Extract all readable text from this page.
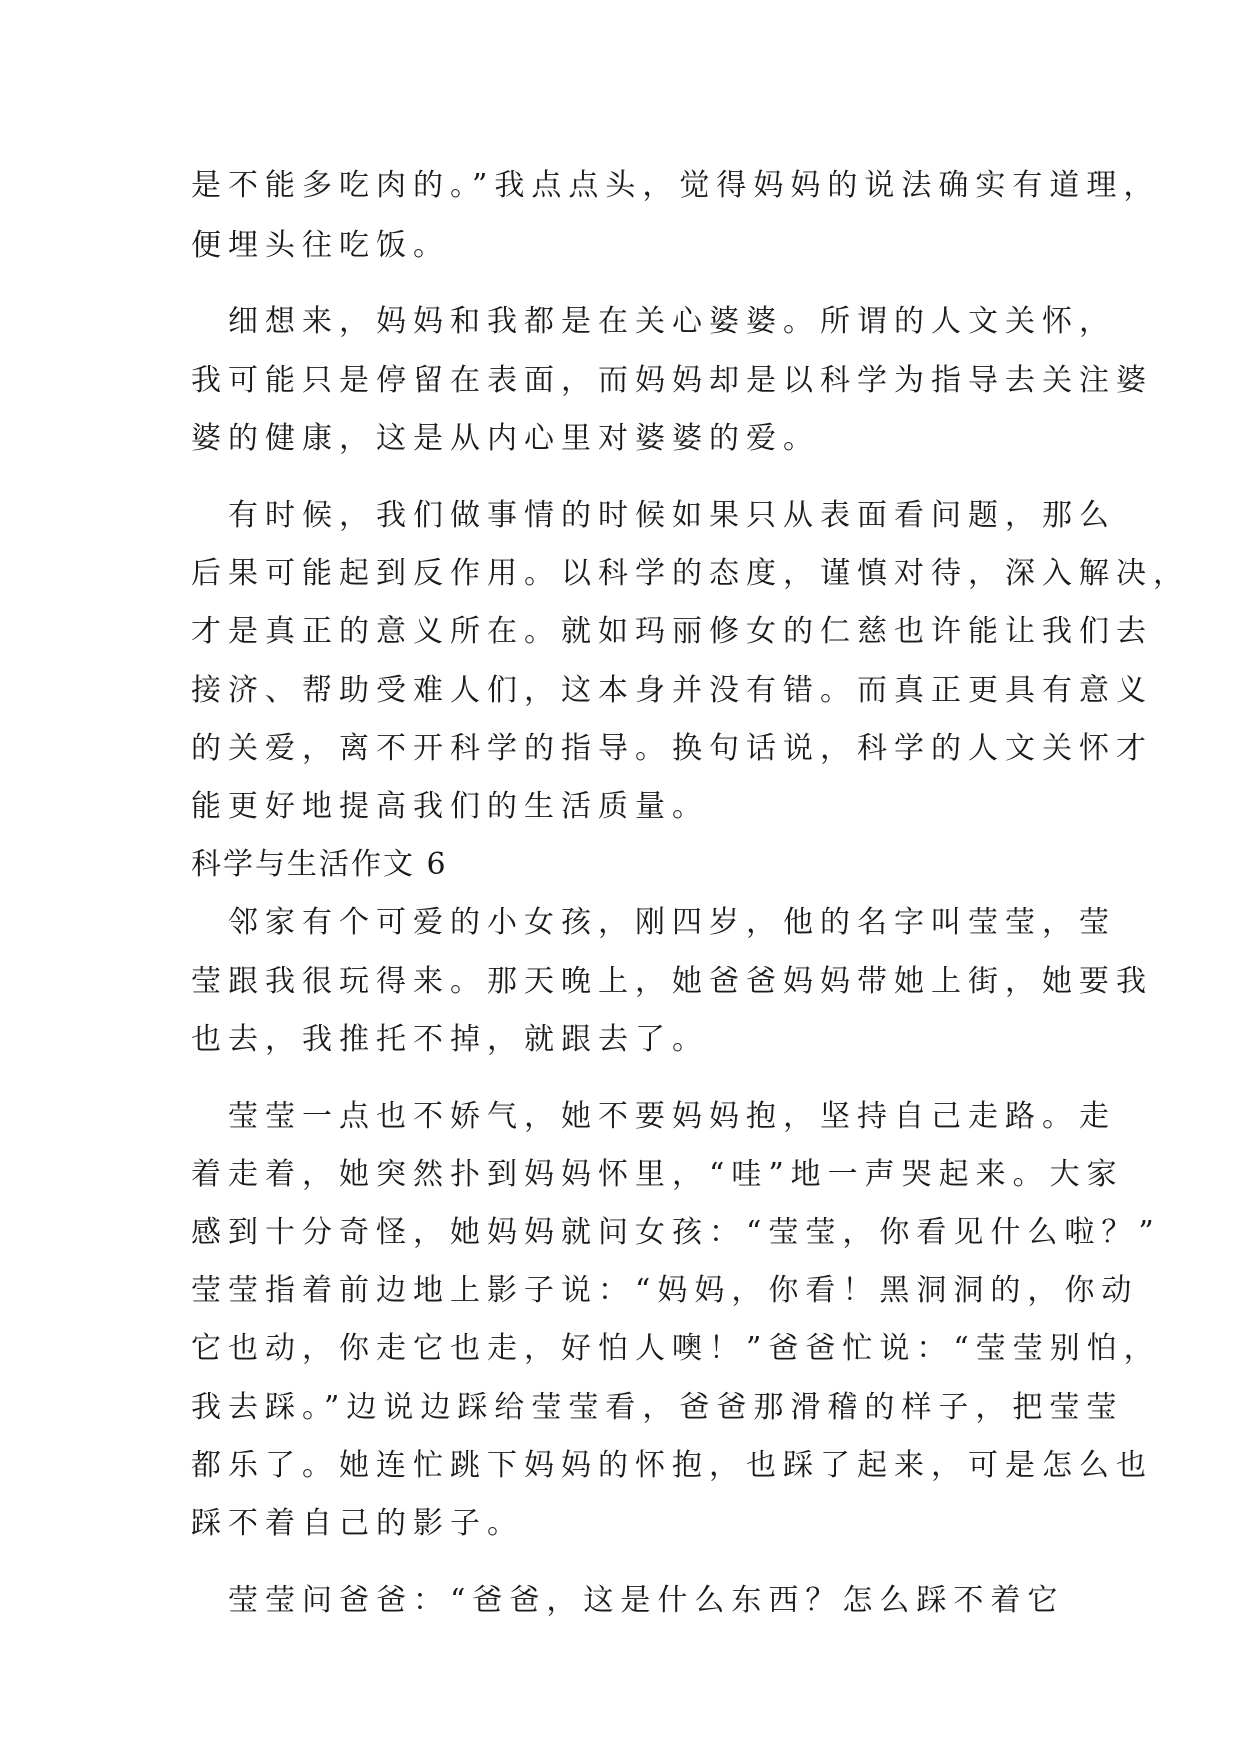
是不能多吃肉的。”我点点头，觉得妈妈的说法确实有道理，
便埋头往吃饭。
　细想来，妈妈和我都是在关心婆婆。所谓的人文关怀，
我可能只是停留在表面，而妈妈却是以科学为指导去关注婆
婆的健康，这是从内心里对婆婆的爱。
　有时候，我们做事情的时候如果只从表面看问题，那么
后果可能起到反作用。以科学的态度，谨慎对待，深入解决，
才是真正的意义所在。就如玛丽修女的仁慈也许能让我们去
接济、帮助受难人们，这本身并没有错。而真正更具有意义
的关爱，离不开科学的指导。换句话说，科学的人文关怀才
能更好地提高我们的生活质量。
科学与生活作文 6
　邻家有个可爱的小女孩，刚四岁，他的名字叫莹莹，莹
莹跟我很玩得来。那天晚上，她爸爸妈妈带她上街，她要我
也去，我推托不掉，就跟去了。
　莹莹一点也不娇气，她不要妈妈抱，坚持自己走路。走
着走着，她突然扑到妈妈怀里，“哇”地一声哭起来。大家
感到十分奇怪，她妈妈就问女孩：“莹莹，你看见什么啦？”
莹莹指着前边地上影子说：“妈妈，你看！黑洞洞的，你动
它也动，你走它也走，好怕人噢！”爸爸忙说：“莹莹别怕，
我去踩。”边说边踩给莹莹看，爸爸那滑稽的样子，把莹莹
都乐了。她连忙跳下妈妈的怀抱，也踩了起来，可是怎么也
踩不着自己的影子。
　莹莹问爸爸：“爸爸，这是什么东西？怎么踩不着它
